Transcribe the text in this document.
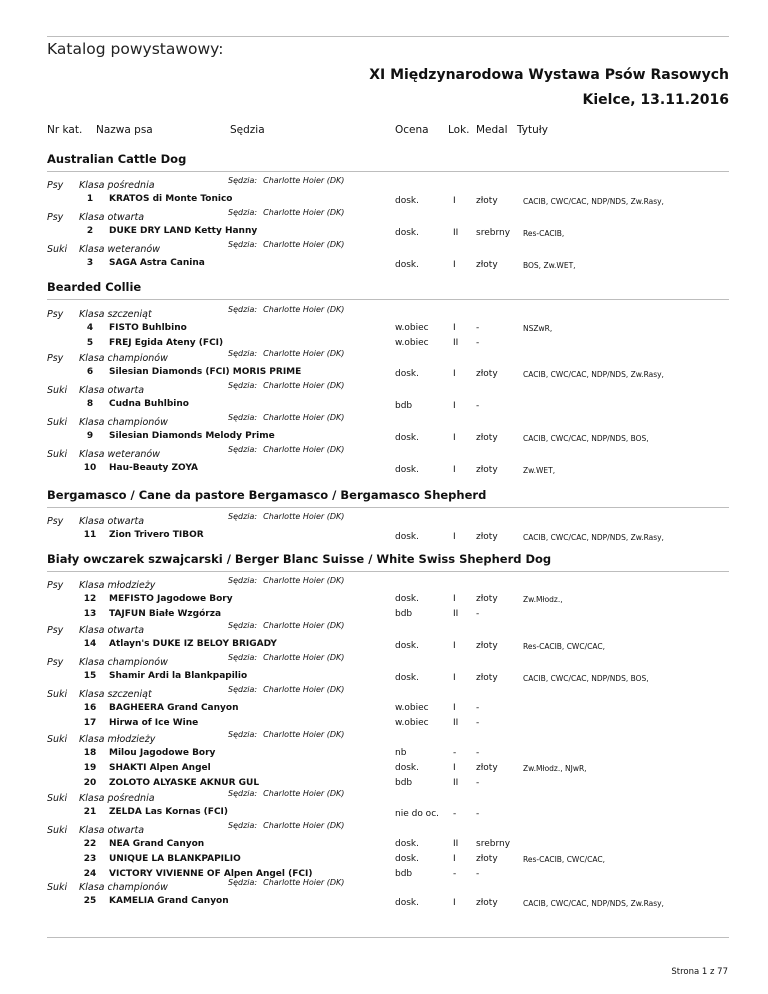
Katalog powystawowy:
XI Międzynarodowa Wystawa Psów Rasowych
Kielce, 13.11.2016
Nr kat. Nazwa psa	Sędzia	Ocena Lok. Medal Tytuły
Australian Cattle Dog
Psy Klasa pośrednia	Sędzia: Charlotte Hoier (DK)
1	KRATOS di Monte Tonico	dosk.	I złoty	CACIB, CWC/CAC, NDP/NDS, Zw.Rasy,
Psy Klasa otwarta	Sędzia: Charlotte Hoier (DK)
2	DUKE DRY LAND Ketty Hanny	dosk.	II srebrny Res-CACIB,
Suki Klasa weteranów	Sędzia: Charlotte Hoier (DK)
3	SAGA Astra Canina	dosk.	I złoty	BOS, Zw.WET,
Bearded Collie
Psy Klasa szczeniąt	Sędzia: Charlotte Hoier (DK)
4	FISTO Buhlbino	w.obiec	I -	NSZwR,
5	FREJ Egida Ateny (FCI)	w.obiec	II -
Psy Klasa championów	Sędzia: Charlotte Hoier (DK)
6	Silesian Diamonds (FCI) MORIS PRIME	dosk.	I złoty	CACIB, CWC/CAC, NDP/NDS, Zw.Rasy,
Suki Klasa otwarta	Sędzia: Charlotte Hoier (DK)
8	Cudna Buhlbino	bdb	I -
Suki Klasa championów	Sędzia: Charlotte Hoier (DK)
9	Silesian Diamonds Melody Prime	dosk.	I złoty	CACIB, CWC/CAC, NDP/NDS, BOS,
Suki Klasa weteranów	Sędzia: Charlotte Hoier (DK)
10 Hau-Beauty ZOYA	dosk.	I złoty	Zw.WET,
Bergamasco / Cane da pastore Bergamasco / Bergamasco Shepherd
Psy Klasa otwarta	Sędzia: Charlotte Hoier (DK)
11 Zion Trivero TIBOR	dosk.	I złoty	CACIB, CWC/CAC, NDP/NDS, Zw.Rasy,
Biały owczarek szwajcarski / Berger Blanc Suisse / White Swiss Shepherd Dog
Psy Klasa młodzieży	Sędzia: Charlotte Hoier (DK)
12 MEFISTO Jagodowe Bory	dosk.	I złoty	Zw.Młodz.,
13 TAJFUN Białe Wzgórza	bdb	II -
Psy Klasa otwarta	Sędzia: Charlotte Hoier (DK)
14 Atlayn's DUKE IZ BELOY BRIGADY	dosk.	I złoty	Res-CACIB, CWC/CAC,
Psy Klasa championów	Sędzia: Charlotte Hoier (DK)
15 Shamir Ardi la Blankpapilio	dosk.	I złoty	CACIB, CWC/CAC, NDP/NDS, BOS,
Suki Klasa szczeniąt	Sędzia: Charlotte Hoier (DK)
16 BAGHEERA Grand Canyon	w.obiec	I -
17 Hirwa of Ice Wine	w.obiec	II -
Suki Klasa młodzieży	Sędzia: Charlotte Hoier (DK)
18 Milou Jagodowe Bory	nb	- -
19 SHAKTI Alpen Angel	dosk.	I złoty	Zw.Młodz., NJwR,
20 ZOLOTO ALYASKE AKNUR GUL	bdb	II -
Suki Klasa pośrednia	Sędzia: Charlotte Hoier (DK)
21 ZELDA Las Kornas (FCI)	nie do oc. - -
Suki Klasa otwarta	Sędzia: Charlotte Hoier (DK)
22 NEA Grand Canyon	dosk.	II srebrny
23 UNIQUE LA BLANKPAPILIO	dosk.	I złoty	Res-CACIB, CWC/CAC,
24 VICTORY VIVIENNE OF Alpen Angel (FCI)	bdb	- -
Suki Klasa championów	Sędzia: Charlotte Hoier (DK)
25 KAMELIA Grand Canyon	dosk.	I złoty	CACIB, CWC/CAC, NDP/NDS, Zw.Rasy,
Strona 1 z 77
